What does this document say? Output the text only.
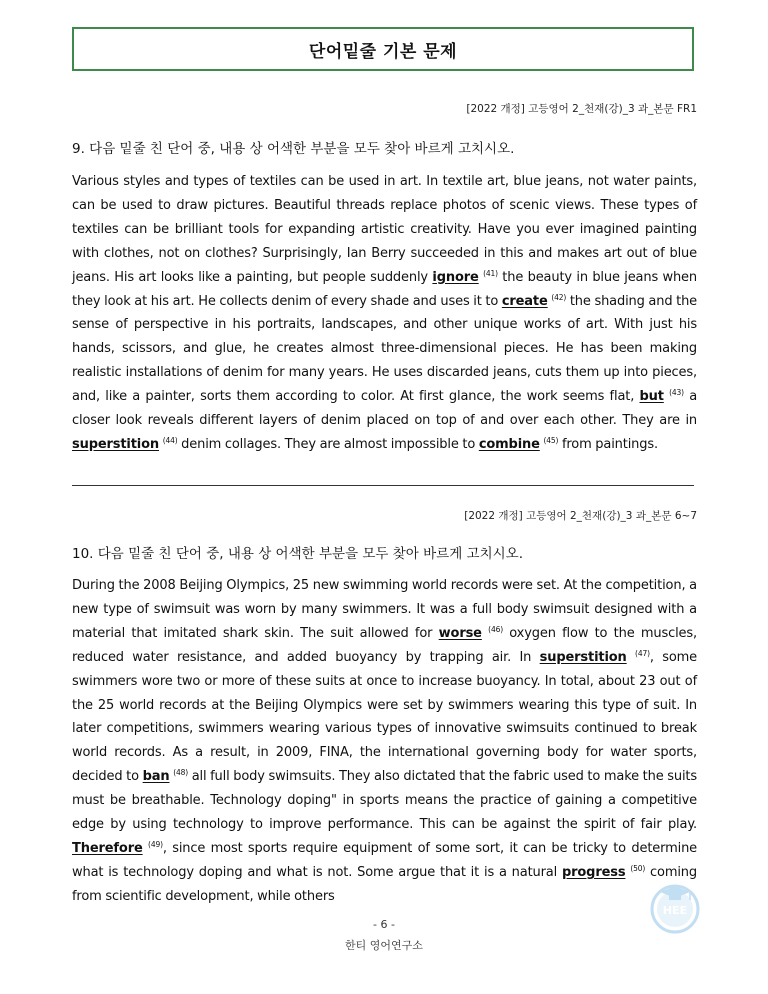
단어밑줄 기본 문제
[2022 개정] 고등영어 2_천재(강)_3 과_본문 FR1
9. 다음 밑줄 친 단어 중, 내용 상 어색한 부분을 모두 찾아 바르게 고치시오.
Various styles and types of textiles can be used in art. In textile art, blue jeans, not water paints, can be used to draw pictures. Beautiful threads replace photos of scenic views. These types of textiles can be brilliant tools for expanding artistic creativity. Have you ever imagined painting with clothes, not on clothes? Surprisingly, Ian Berry succeeded in this and makes art out of blue jeans. His art looks like a painting, but people suddenly ignore $^{(41)}$ the beauty in blue jeans when they look at his art. He collects denim of every shade and uses it to create $^{(42)}$ the shading and the sense of perspective in his portraits, landscapes, and other unique works of art. With just his hands, scissors, and glue, he creates almost three-dimensional pieces. He has been making realistic installations of denim for many years. He uses discarded jeans, cuts them up into pieces, and, like a painter, sorts them according to color. At first glance, the work seems flat, but $^{(43)}$ a closer look reveals different layers of denim placed on top of and over each other. They are in superstition $^{(44)}$ denim collages. They are almost impossible to combine $^{(45)}$ from paintings.
[2022 개정] 고등영어 2_천재(강)_3 과_본문 6~7
10. 다음 밑줄 친 단어 중, 내용 상 어색한 부분을 모두 찾아 바르게 고치시오.
During the 2008 Beijing Olympics, 25 new swimming world records were set. At the competition, a new type of swimsuit was worn by many swimmers. It was a full body swimsuit designed with a material that imitated shark skin. The suit allowed for worse $^{(46)}$ oxygen flow to the muscles, reduced water resistance, and added buoyancy by trapping air. In superstition $^{(47)}$, some swimmers wore two or more of these suits at once to increase buoyancy. In total, about 23 out of the 25 world records at the Beijing Olympics were set by swimmers wearing this type of suit. In later competitions, swimmers wearing various types of innovative swimsuits continued to break world records. As a result, in 2009, FINA, the international governing body for water sports, decided to ban $^{(48)}$ all full body swimsuits. They also dictated that the fabric used to make the suits must be breathable. Technology doping" in sports means the practice of gaining a competitive edge by using technology to improve performance. This can be against the spirit of fair play. Therefore $^{(49)}$, since most sports require equipment of some sort, it can be tricky to determine what is technology doping and what is not. Some argue that it is a natural progress $^{(50)}$ coming from scientific development, while others
- 6 -
한티 영어연구소
HEE
